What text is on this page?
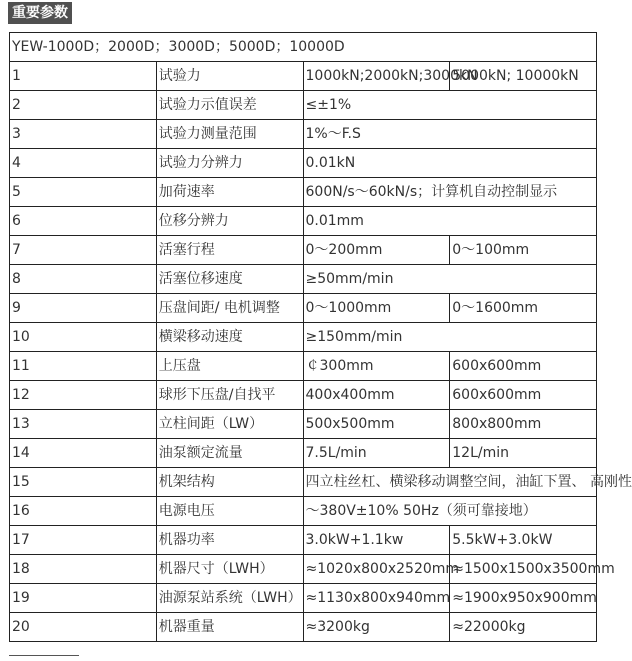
重要参数
YEW-1000D；2000D；3000D；5000D；10000D			
1	试验力	1000kN;2000kN;3000kN	5000kN; 10000kN
2	试验力示值误差	≤±1%	
3	试验力测量范围	1%～F.S	
4	试验力分辨力	0.01kN	
5	加荷速率	600N/s～60kN/s；计算机自动控制显示	
6	位移分辨力	0.01mm	
7	活塞行程	0～200mm	0～100mm
8	活塞位移速度	≥50mm/min	
9	压盘间距/ 电机调整	0～1000mm	0～1600mm
10	横梁移动速度	≥150mm/min	
11	上压盘	￠300mm	600x600mm
12	球形下压盘/自找平	400x400mm	600x600mm
13	立柱间距（LW）	500x500mm	800x800mm
14	油泵额定流量	7.5L/min	12L/min
15	机架结构	四立柱丝杠、横梁移动调整空间，油缸下置、 高刚性	
16	电源电压	～380V±10% 50Hz（须可靠接地）	
17	机器功率	3.0kW+1.1kw	5.5kW+3.0kW
18	机器尺寸（LWH）	≈1020x800x2520mm	≈1500x1500x3500mm
19	油源泵站系统（LWH）	≈1130x800x940mm	≈1900x950x900mm
20	机器重量	≈3200kg	≈22000kg
